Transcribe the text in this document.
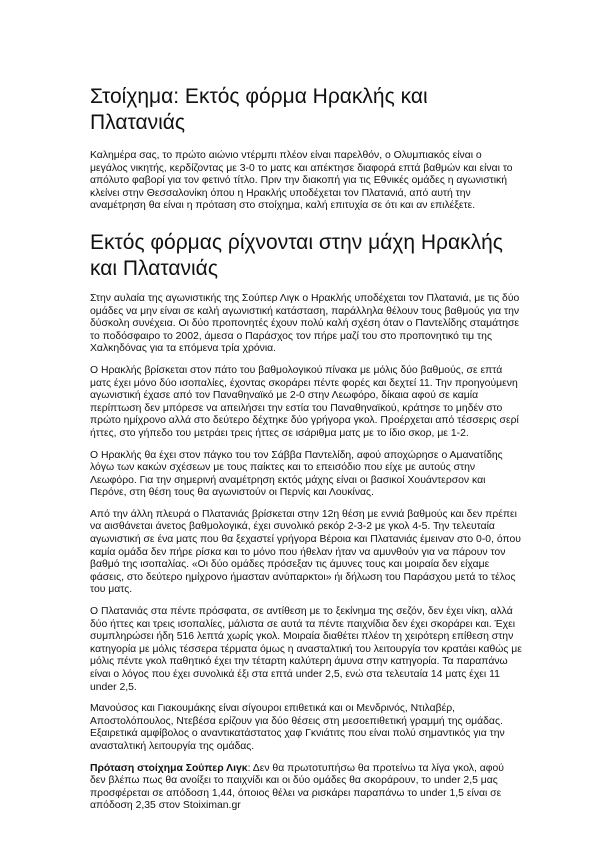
Στοίχημα: Εκτός φόρμα Ηρακλής και Πλατανιάς

Καλημέρα σας, το πρώτο αιώνιο ντέρμπι πλέον είναι παρελθόν, ο Ολυμπιακός είναι ο μεγάλος νικητής, κερδίζοντας με 3-0 το ματς και απέκτησε διαφορά επτά βαθμών και είναι το απόλυτο φαβορί για τον φετινό τίτλο. Πριν την διακοπή για τις Εθνικές ομάδες η αγωνιστική κλείνει στην Θεσσαλονίκη όπου η Ηρακλής υποδέχεται τον Πλατανιά, από αυτή την αναμέτρηση θα είναι η πρόταση στο στοίχημα, καλή επιτυχία σε ότι και αν επιλέξετε.

Εκτός φόρμας ρίχνονται στην μάχη Ηρακλής και Πλατανιάς

Στην αυλαία της αγωνιστικής της Σούπερ Λιγκ ο Ηρακλής υποδέχεται τον Πλατανιά, με τις δύο ομάδες να μην είναι σε καλή αγωνιστική κατάσταση, παράλληλα θέλουν τους βαθμούς για την δύσκολη συνέχεια. Οι δύο προπονητές έχουν πολύ καλή σχέση όταν ο Παντελίδης σταμάτησε το ποδόσφαιρο το 2002, άμεσα ο Παράσχος τον πήρε μαζί του στο προπονητικό τιμ της Χαλκηδόνας για τα επόμενα τρία χρόνια.

Ο Ηρακλής βρίσκεται στον πάτο του βαθμολογικού πίνακα με μόλις δύο βαθμούς, σε επτά ματς έχει μόνο δύο ισοπαλίες, έχοντας σκοράρει πέντε φορές και δεχτεί 11. Την προηγούμενη αγωνιστική έχασε από τον Παναθηναϊκό με 2-0 στην Λεωφόρο, δίκαια αφού σε καμία περίπτωση δεν μπόρεσε να απειλήσει την εστία του Παναθηναϊκού, κράτησε το μηδέν στο πρώτο ημίχρονο αλλά στο δεύτερο δέχτηκε δύο γρήγορα γκολ. Προέρχεται από τέσσερις σερί ήττες, στο γήπεδο του μετράει τρεις ήττες σε ισάριθμα ματς με το ίδιο σκορ, με 1-2.

Ο Ηρακλής θα έχει στον πάγκο του τον Σάββα Παντελίδη, αφού αποχώρησε ο Αμανατίδης λόγω των κακών σχέσεων με τους παίκτες και το επεισόδιο που είχε με αυτούς στην Λεωφόρο. Για την σημερινή αναμέτρηση εκτός μάχης είναι οι βασικοί Χουάντερσον και Περόνε, στη θέση τους θα αγωνιστούν οι Περνίς και Λουκίνας.

Από την άλλη πλευρά ο Πλατανιάς βρίσκεται στην 12η θέση με εννιά βαθμούς και δεν πρέπει να αισθάνεται άνετος βαθμολογικά, έχει συνολικό ρεκόρ 2-3-2 με γκολ 4-5. Την τελευταία αγωνιστική σε ένα ματς που θα ξεχαστεί γρήγορα Βέροια και Πλατανιάς έμειναν στο 0-0, όπου καμία ομάδα δεν πήρε ρίσκα και το μόνο που ήθελαν ήταν να αμυνθούν για να πάρουν τον βαθμό της ισοπαλίας. «Οι δύο ομάδες πρόσεξαν τις άμυνες τους και μοιραία δεν είχαμε φάσεις, στο δεύτερο ημίχρονο ήμασταν ανύπαρκτοι» ήι δήλωση του Παράσχου μετά το τέλος του ματς.

Ο Πλατανιάς στα πέντε πρόσφατα, σε αντίθεση με το ξεκίνημα της σεζόν, δεν έχει νίκη, αλλά δύο ήττες και τρεις ισοπαλίες, μάλιστα σε αυτά τα πέντε παιχνίδια δεν έχει σκοράρει και. Έχει συμπληρώσει ήδη 516 λεπτά χωρίς γκολ. Μοιραία διαθέτει πλέον τη χειρότερη επίθεση στην κατηγορία με μόλις τέσσερα τέρματα όμως η ανασταλτική του λειτουργία τον κρατάει καθώς με μόλις πέντε γκολ παθητικό έχει την τέταρτη καλύτερη άμυνα στην κατηγορία. Τα παραπάνω είναι ο λόγος που έχει συνολικά έξι στα επτά under 2,5, ενώ στα τελευταία 14 ματς έχει 11 under 2,5.

Μανούσος και Γιακουμάκης είναι σίγουροι επιθετικά και οι Μενδρινός, Ντιλαβέρ, Αποστολόπουλος, Ντεβέσα ερίζουν για δύο θέσεις στη μεσοεπιθετική γραμμή της ομάδας. Εξαιρετικά αμφίβολος ο αναντικατάστατος χαφ Γκνιάτιτς που είναι πολύ σημαντικός για την ανασταλτική λειτουργία της ομάδας.

Πρόταση στοίχημα Σούπερ Λιγκ: Δεν θα πρωτοτυπήσω θα προτείνω τα λίγα γκολ, αφού δεν βλέπω πως θα ανοίξει το παιχνίδι και οι δύο ομάδες θα σκοράρουν, το under 2,5 μας προσφέρεται σε απόδοση 1,44, όποιος θέλει να ρισκάρει παραπάνω το under 1,5 είναι σε απόδοση 2,35 στον Stoiximan.gr
